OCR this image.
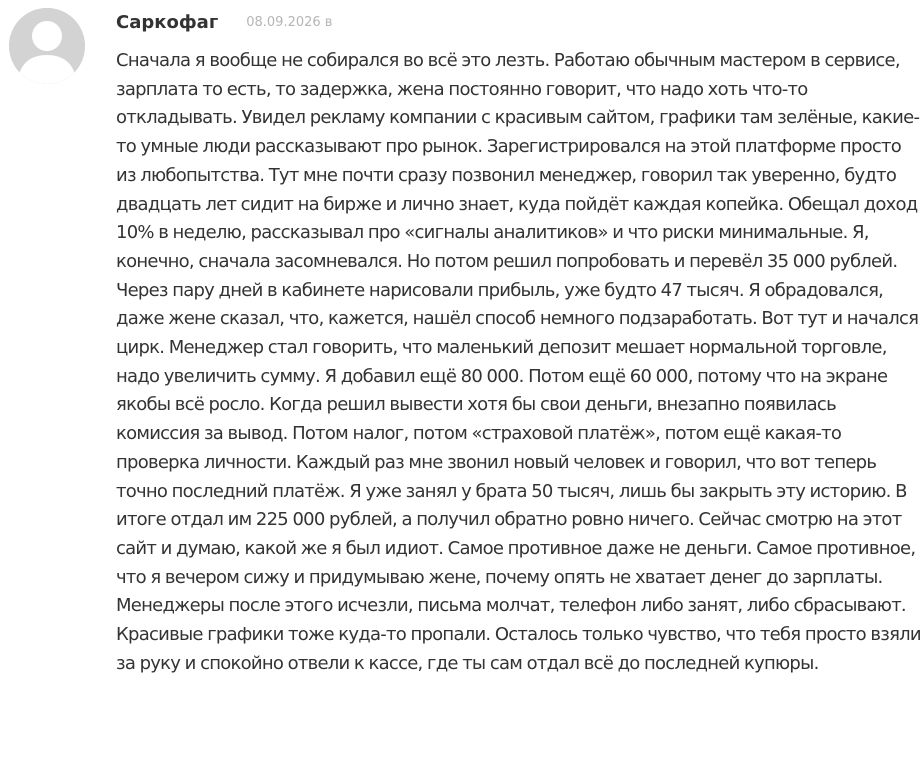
Саркофаг 08.09.2026 в

Сначала я вообще не собирался во всё это лезть. Работаю обычным мастером в сервисе, зарплата то есть, то задержка, жена постоянно говорит, что надо хоть что-то откладывать. Увидел рекламу компании с красивым сайтом, графики там зелёные, какие-то умные люди рассказывают про рынок. Зарегистрировался на этой платформе просто из любопытства. Тут мне почти сразу позвонил менеджер, говорил так уверенно, будто двадцать лет сидит на бирже и лично знает, куда пойдёт каждая копейка. Обещал доход 10% в неделю, рассказывал про «сигналы аналитиков» и что риски минимальные. Я, конечно, сначала засомневался. Но потом решил попробовать и перевёл 35 000 рублей. Через пару дней в кабинете нарисовали прибыль, уже будто 47 тысяч. Я обрадовался, даже жене сказал, что, кажется, нашёл способ немного подзаработать. Вот тут и начался цирк. Менеджер стал говорить, что маленький депозит мешает нормальной торговле, надо увеличить сумму. Я добавил ещё 80 000. Потом ещё 60 000, потому что на экране якобы всё росло. Когда решил вывести хотя бы свои деньги, внезапно появилась комиссия за вывод. Потом налог, потом «страховой платёж», потом ещё какая-то проверка личности. Каждый раз мне звонил новый человек и говорил, что вот теперь точно последний платёж. Я уже занял у брата 50 тысяч, лишь бы закрыть эту историю. В итоге отдал им 225 000 рублей, а получил обратно ровно ничего. Сейчас смотрю на этот сайт и думаю, какой же я был идиот. Самое противное даже не деньги. Самое противное, что я вечером сижу и придумываю жене, почему опять не хватает денег до зарплаты. Менеджеры после этого исчезли, письма молчат, телефон либо занят, либо сбрасывают. Красивые графики тоже куда-то пропали. Осталось только чувство, что тебя просто взяли за руку и спокойно отвели к кассе, где ты сам отдал всё до последней купюры.
